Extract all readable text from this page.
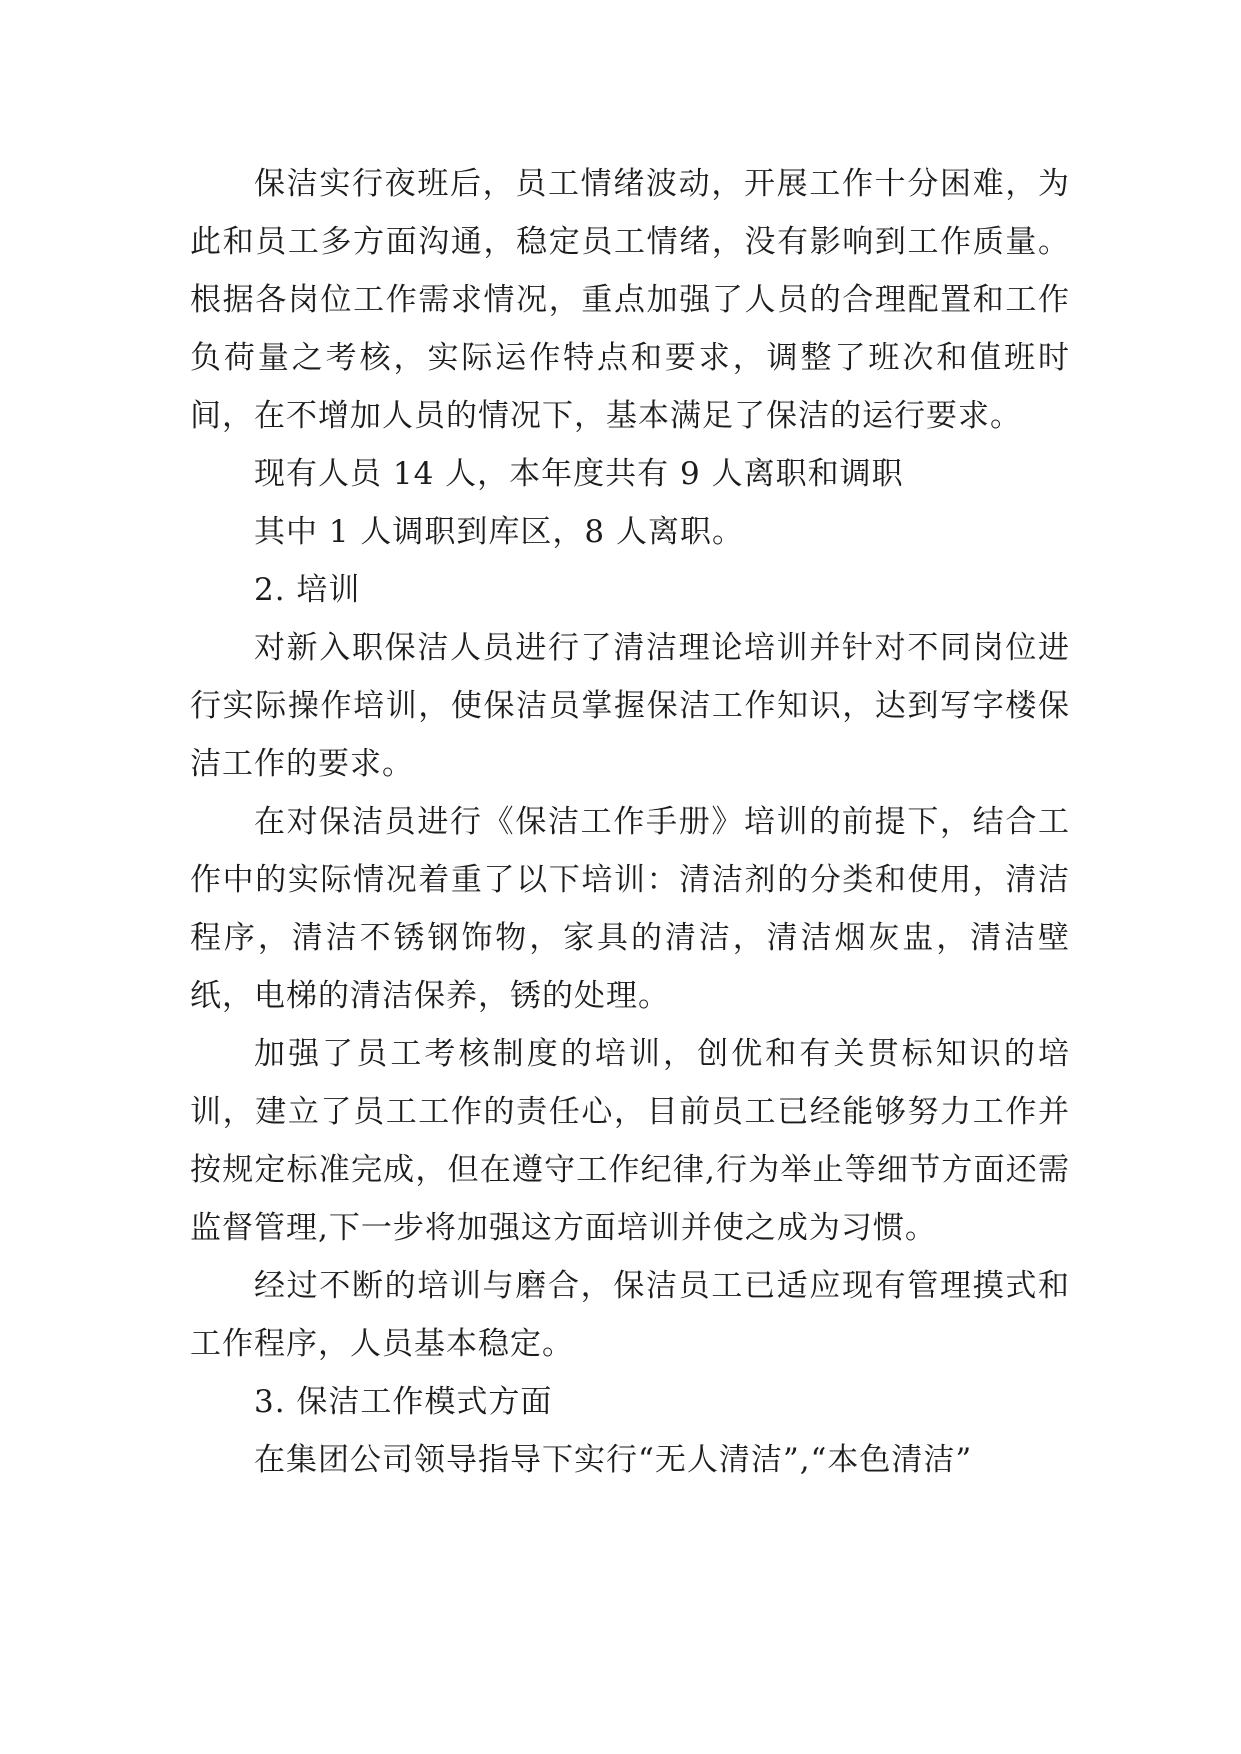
保洁实行夜班后，员工情绪波动，开展工作十分困难，为此和员工多方面沟通，稳定员工情绪，没有影响到工作质量。根据各岗位工作需求情况，重点加强了人员的合理配置和工作负荷量之考核，实际运作特点和要求，调整了班次和值班时间，在不增加人员的情况下，基本满足了保洁的运行要求。

现有人员 14 人，本年度共有 9 人离职和调职

其中 1 人调职到库区，8 人离职。

2. 培训

对新入职保洁人员进行了清洁理论培训并针对不同岗位进行实际操作培训，使保洁员掌握保洁工作知识，达到写字楼保洁工作的要求。

在对保洁员进行《保洁工作手册》培训的前提下，结合工作中的实际情况着重了以下培训：清洁剂的分类和使用，清洁程序，清洁不锈钢饰物，家具的清洁，清洁烟灰盅，清洁壁纸，电梯的清洁保养，锈的处理。

加强了员工考核制度的培训，创优和有关贯标知识的培训，建立了员工工作的责任心，目前员工已经能够努力工作并按规定标准完成，但在遵守工作纪律,行为举止等细节方面还需监督管理,下一步将加强这方面培训并使之成为习惯。

经过不断的培训与磨合，保洁员工已适应现有管理摸式和工作程序，人员基本稳定。

3. 保洁工作模式方面

在集团公司领导指导下实行“无人清洁”,“本色清洁”
